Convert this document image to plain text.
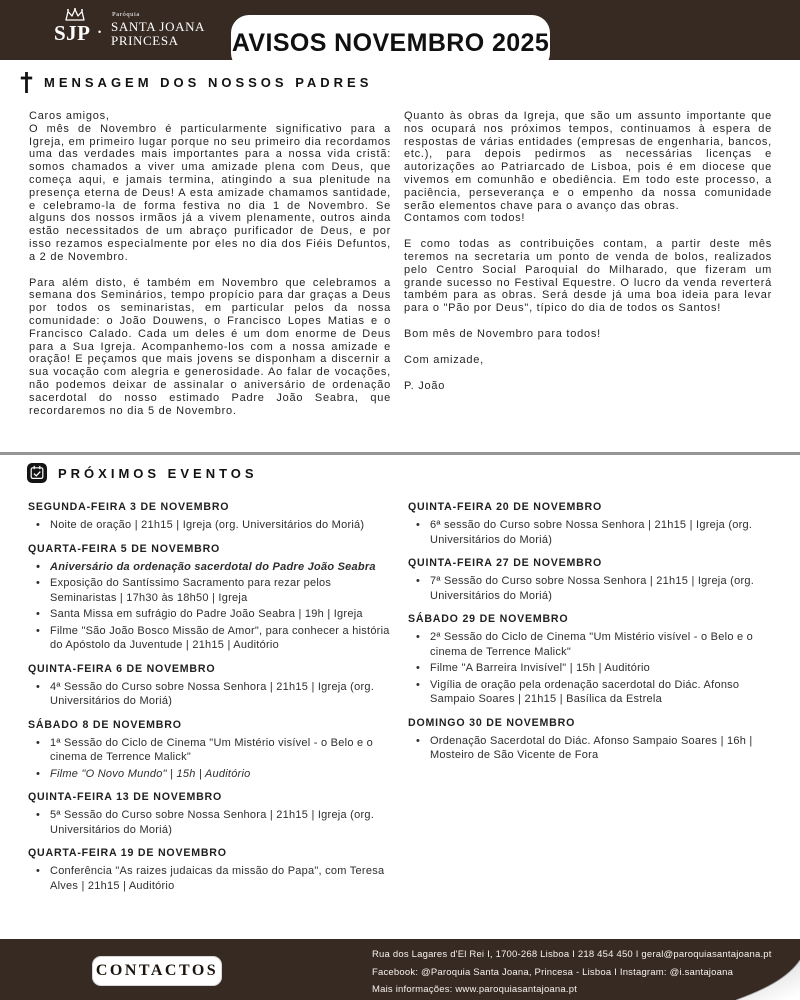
SJP •
Paróquia
SANTA JOANA
PRINCESA	AVISOS NOVEMBRO 2025
MENSAGEM DOS NOSSOS PADRES
Caros amigos,
O mês de Novembro é particularmente significativo para a Igreja, em primeiro lugar porque no seu primeiro dia recordamos uma das verdades mais importantes para a nossa vida cristã: somos chamados a viver uma amizade plena com Deus, que começa aqui, e jamais termina, atingindo a sua plenitude na presença eterna de Deus! A esta amizade chamamos santidade, e celebramo-la de forma festiva no dia 1 de Novembro. Se alguns dos nossos irmãos já a vivem plenamente, outros ainda estão necessitados de um abraço purificador de Deus, e por isso rezamos especialmente por eles no dia dos Fiéis Defuntos, a 2 de Novembro.
Para além disto, é também em Novembro que celebramos a semana dos Seminários, tempo propício para dar graças a Deus por todos os seminaristas, em particular pelos da nossa comunidade: o João Douwens, o Francisco Lopes Matias e o Francisco Calado. Cada um deles é um dom enorme de Deus para a Sua Igreja. Acompanhemo-los com a nossa amizade e oração! E peçamos que mais jovens se disponham a discernir a sua vocação com alegria e generosidade. Ao falar de vocações, não podemos deixar de assinalar o aniversário de ordenação sacerdotal do nosso estimado Padre João Seabra, que recordaremos no dia 5 de Novembro.
Quanto às obras da Igreja, que são um assunto importante que nos ocupará nos próximos tempos, continuamos à espera de respostas de várias entidades (empresas de engenharia, bancos, etc.), para depois pedirmos as necessárias licenças e autorizações ao Patriarcado de Lisboa, pois é em diocese que vivemos em comunhão e obediência. Em todo este processo, a paciência, perseverança e o empenho da nossa comunidade serão elementos chave para o avanço das obras.
Contamos com todos!
E como todas as contribuições contam, a partir deste mês teremos na secretaria um ponto de venda de bolos, realizados pelo Centro Social Paroquial do Milharado, que fizeram um grande sucesso no Festival Equestre. O lucro da venda reverterá também para as obras. Será desde já uma boa ideia para levar para o "Pão por Deus", típico do dia de todos os Santos!
Bom mês de Novembro para todos!
Com amizade,
P. João
PRÓXIMOS EVENTOS
SEGUNDA-FEIRA 3 DE NOVEMBRO
• Noite de oração | 21h15 | Igreja (org. Universitários do Moriá)
QUARTA-FEIRA 5 DE NOVEMBRO
• Aniversário da ordenação sacerdotal do Padre João Seabra
• Exposição do Santíssimo Sacramento para rezar pelos Seminaristas | 17h30 às 18h50 | Igreja
• Santa Missa em sufrágio do Padre João Seabra | 19h | Igreja
• Filme "São João Bosco Missão de Amor", para conhecer a história do Apóstolo da Juventude | 21h15 | Auditório
QUINTA-FEIRA 6 DE NOVEMBRO
• 4ª Sessão do Curso sobre Nossa Senhora | 21h15 | Igreja (org. Universitários do Moriá)
SÁBADO 8 DE NOVEMBRO
• 1ª Sessão do Ciclo de Cinema "Um Mistério visível - o Belo e o cinema de Terrence Malick"
• Filme "O Novo Mundo" | 15h | Auditório
QUINTA-FEIRA 13 DE NOVEMBRO
• 5ª Sessão do Curso sobre Nossa Senhora | 21h15 | Igreja (org. Universitários do Moriá)
QUARTA-FEIRA 19 DE NOVEMBRO
• Conferência "As raizes judaicas da missão do Papa", com Teresa Alves | 21h15 | Auditório
QUINTA-FEIRA 20 DE NOVEMBRO
• 6ª sessão do Curso sobre Nossa Senhora | 21h15 | Igreja (org. Universitários do Moriá)
QUINTA-FEIRA 27 DE NOVEMBRO
• 7ª Sessão do Curso sobre Nossa Senhora | 21h15 | Igreja (org. Universitários do Moriá)
SÁBADO 29 DE NOVEMBRO
• 2ª Sessão do Ciclo de Cinema "Um Mistério visível - o Belo e o cinema de Terrence Malick"
• Filme "A Barreira Invisível" | 15h | Auditório
• Vigília de oração pela ordenação sacerdotal do Diác. Afonso Sampaio Soares | 21h15 | Basílica da Estrela
DOMINGO 30 DE NOVEMBRO
• Ordenação Sacerdotal do Diác. Afonso Sampaio Soares | 16h | Mosteiro de São Vicente de Fora
CONTACTOS
Rua dos Lagares d'El Rei I, 1700-268 Lisboa I 218 454 450 I geral@paroquiasantajoana.pt
Facebook: @Paroquia Santa Joana, Princesa - Lisboa I Instagram: @i.santajoana
Mais informações: www.paroquiasantajoana.pt
